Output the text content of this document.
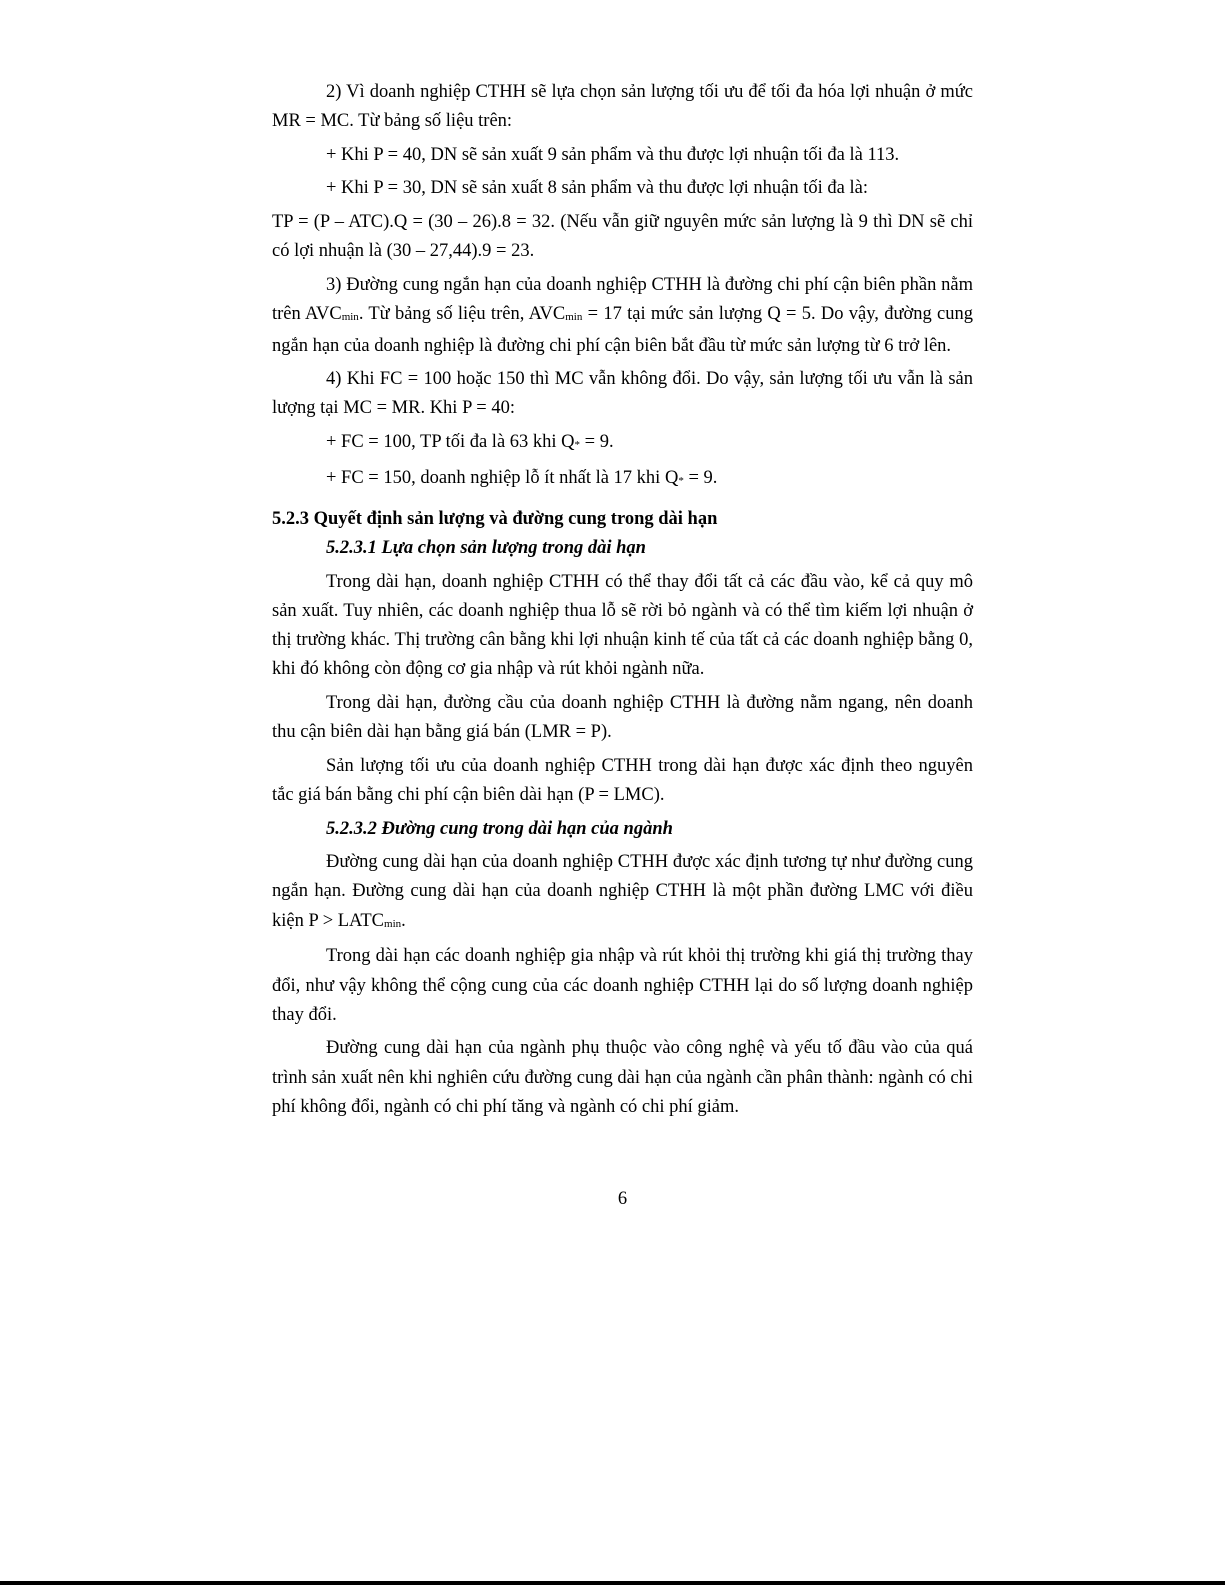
2) Vì doanh nghiệp CTHH sẽ lựa chọn sản lượng tối ưu để tối đa hóa lợi nhuận ở mức MR = MC. Từ bảng số liệu trên:

+ Khi P = 40, DN sẽ sản xuất 9 sản phẩm và thu được lợi nhuận tối đa là 113.

+ Khi P = 30, DN sẽ sản xuất 8 sản phẩm và thu được lợi nhuận tối đa là:

TP = (P – ATC).Q = (30 – 26).8 = 32. (Nếu vẫn giữ nguyên mức sản lượng là 9 thì DN sẽ chỉ có lợi nhuận là (30 – 27,44).9 = 23.

3) Đường cung ngắn hạn của doanh nghiệp CTHH là đường chi phí cận biên phần nằm trên $AVC_{min}$. Từ bảng số liệu trên, $AVC_{min} = 17$ tại mức sản lượng Q = 5. Do vậy, đường cung ngắn hạn của doanh nghiệp là đường chi phí cận biên bắt đầu từ mức sản lượng từ 6 trở lên.

4) Khi FC = 100 hoặc 150 thì MC vẫn không đổi. Do vậy, sản lượng tối ưu vẫn là sản lượng tại MC = MR. Khi P = 40:

+ FC = 100, TP tối đa là 63 khi $Q_* = 9$.

+ FC = 150, doanh nghiệp lỗ ít nhất là 17 khi $Q_* = 9$.

5.2.3 Quyết định sản lượng và đường cung trong dài hạn
5.2.3.1 Lựa chọn sản lượng trong dài hạn

Trong dài hạn, doanh nghiệp CTHH có thể thay đổi tất cả các đầu vào, kể cả quy mô sản xuất. Tuy nhiên, các doanh nghiệp thua lỗ sẽ rời bỏ ngành và có thể tìm kiếm lợi nhuận ở thị trường khác. Thị trường cân bằng khi lợi nhuận kinh tế của tất cả các doanh nghiệp bằng 0, khi đó không còn động cơ gia nhập và rút khỏi ngành nữa.

Trong dài hạn, đường cầu của doanh nghiệp CTHH là đường nằm ngang, nên doanh thu cận biên dài hạn bằng giá bán (LMR = P).

Sản lượng tối ưu của doanh nghiệp CTHH trong dài hạn được xác định theo nguyên tắc giá bán bằng chi phí cận biên dài hạn (P = LMC).

5.2.3.2 Đường cung trong dài hạn của ngành

Đường cung dài hạn của doanh nghiệp CTHH được xác định tương tự như đường cung ngắn hạn. Đường cung dài hạn của doanh nghiệp CTHH là một phần đường LMC với điều kiện $P > LATC_{min}$.

Trong dài hạn các doanh nghiệp gia nhập và rút khỏi thị trường khi giá thị trường thay đổi, như vậy không thể cộng cung của các doanh nghiệp CTHH lại do số lượng doanh nghiệp thay đổi.

Đường cung dài hạn của ngành phụ thuộc vào công nghệ và yếu tố đầu vào của quá trình sản xuất nên khi nghiên cứu đường cung dài hạn của ngành cần phân thành: ngành có chi phí không đổi, ngành có chi phí tăng và ngành có chi phí giảm.

6
